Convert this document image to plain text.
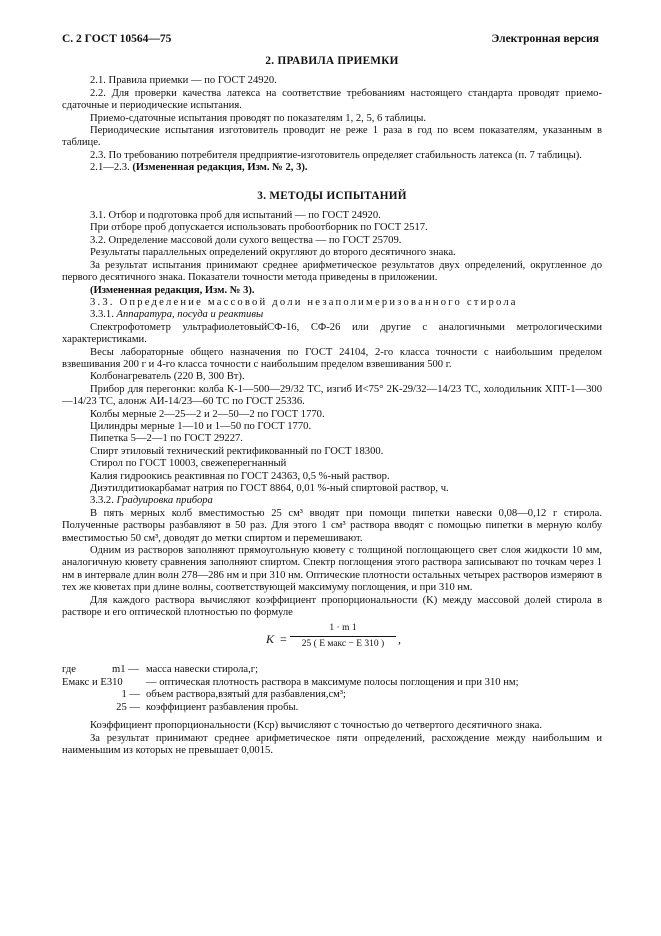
С. 2 ГОСТ 10564—75	Электронная версия

2. ПРАВИЛА ПРИЕМКИ

2.1. Правила приемки — по ГОСТ 24920.

2.2. Для проверки качества латекса на соответствие требованиям настоящего стандарта проводят приемо-сдаточные и периодические испытания.

Приемо-сдаточные испытания проводят по показателям 1, 2, 5, 6 таблицы.

Периодические испытания изготовитель проводит не реже 1 раза в год по всем показателям, указанным в таблице.

2.3. По требованию потребителя предприятие-изготовитель определяет стабильность латекса (п. 7 таблицы).

2.1—2.3. (Измененная редакция, Изм. № 2, 3).

3. МЕТОДЫ ИСПЫТАНИЙ

3.1. Отбор и подготовка проб для испытаний — по ГОСТ 24920.

При отборе проб допускается использовать пробоотборник по ГОСТ 2517.

3.2. Определение массовой доли сухого вещества — по ГОСТ 25709.

Результаты параллельных определений округляют до второго десятичного знака.

За результат испытания принимают среднее арифметическое результатов двух определений, округленное до первого десятичного знака. Показатели точности метода приведены в приложении.

(Измененная редакция, Изм. № 3).

3.3. Определение массовой доли незаполимеризованного стирола

3.3.1. Аппаратура, посуда и реактивы

Спектрофотометр ультрафиолетовыйСФ-16, СФ-26 или другие с аналогичными метрологическими характеристиками.

Весы лабораторные общего назначения по ГОСТ 24104, 2-го класса точности с наибольшим пределом взвешивания 200 г и 4-го класса точности с наибольшим пределом взвешивания 500 г.

Колбонагреватель (220 В, 300 Вт).

Прибор для перегонки: колба К-1—500—29/32 ТС, изгиб И<75° 2К-29/32—14/23 ТС, холодильник ХПТ-1—300—14/23 ТС, алонж АИ-14/23—60 ТС по ГОСТ 25336.

Колбы мерные 2—25—2 и 2—50—2 по ГОСТ 1770.

Цилиндры мерные 1—10 и 1—50 по ГОСТ 1770.

Пипетка 5—2—1 по ГОСТ 29227.

Спирт этиловый технический ректификованный по ГОСТ 18300.

Стирол по ГОСТ 10003, свежеперегнанный

Калия гидроокись реактивная по ГОСТ 24363, 0,5 %-ный раствор.

Диэтилдитиокарбамат натрия по ГОСТ 8864, 0,01 %-ный спиртовой раствор, ч.

3.3.2. Градуировка прибора

В пять мерных колб вместимостью 25 см³ вводят при помощи пипетки навески 0,08—0,12 г стирола. Полученные растворы разбавляют в 50 раз. Для этого 1 см³ раствора вводят с помощью пипетки в мерную колбу вместимостью 50 см³, доводят до метки спиртом и перемешивают.

Одним из растворов заполняют прямоугольную кювету с толщиной поглощающего свет слоя жидкости 10 мм, аналогичную кювету сравнения заполняют спиртом. Спектр поглощения этого раствора записывают по точкам через 1 нм в интервале длин волн 278—286 нм и при 310 нм. Оптические плотности остальных четырех растворов измеряют в тех же кюветах при длине волны, соответствующей максимуму поглощения, и при 310 нм.

Для каждого раствора вычисляют коэффициент пропорциональности (K) между массовой долей стирола в растворе и его оптической плотностью по формуле

K =
1 · m 1
25 ( E макс − E 310 )	,
где	m1 — масса навески стирола,г;
Eмакс и E310	— оптическая плотность раствора в максимуме полосы поглощения и при 310 нм;
1 — объем раствора,взятый для разбавления,см³;
25 — коэффициент разбавления пробы.

Коэффициент пропорциональности (Kср) вычисляют с точностью до четвертого десятичного знака.

За результат принимают среднее арифметическое пяти определений, расхождение между наибольшим и наименьшим из которых не превышает 0,0015.
